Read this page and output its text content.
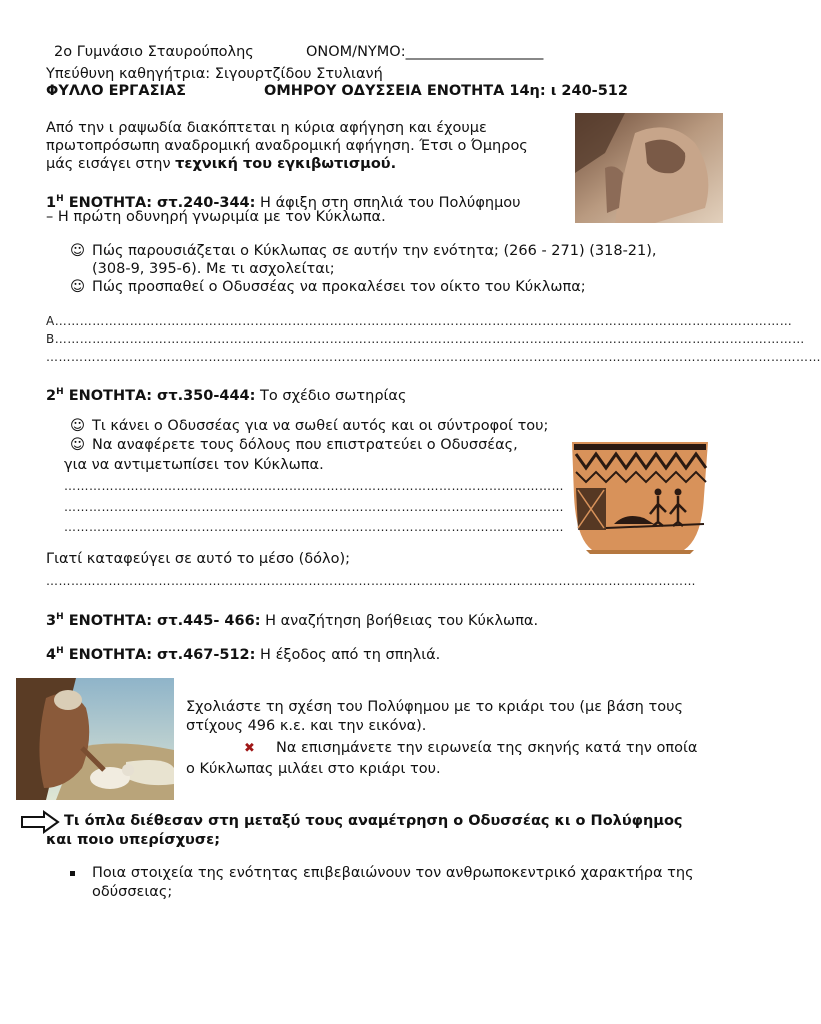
2ο Γυμνάσιο Σταυρούπολης	ΟΝΟΜ/ΝΥΜΟ:___________________
Υπεύθυνη καθηγήτρια: Σιγουρτζίδου Στυλιανή
ΦΥΛΛΟ ΕΡΓΑΣΙΑΣ	ΟΜΗΡΟΥ ΟΔΥΣΣΕΙΑ ΕΝΟΤΗΤΑ 14η: ι 240-512
Από την ι ραψωδία διακόπτεται η κύρια αφήγηση και έχουμε
πρωτοπρόσωπη αναδρομική αναδρομική αφήγηση. Έτσι ο Όμηρος
μάς εισάγει στην τεχνική του εγκιβωτισμού.
$1^H$ ΕΝΟΤΗΤΑ: στ.240-344: Η άφιξη στη σπηλιά του Πολύφημου
– Η πρώτη οδυνηρή γνωριμία με τον Κύκλωπα.
☺ Πώς παρουσιάζεται ο Κύκλωπας σε αυτήν την ενότητα; (266 - 271) (318-21),
(308-9, 395-6). Με τι ασχολείται;
☺ Πώς προσπαθεί ο Οδυσσέας να προκαλέσει τον οίκτο του Κύκλωπα;
Α……………………………………………………………………………………………………………………………………………………………
Β………………………………………………………………………………………………………………………………………………………………
……………………………………………………………………………………………………………………………………………………………………
$2^H$ ΕΝΟΤΗΤΑ: στ.350-444: Το σχέδιο σωτηρίας
☺ Τι κάνει ο Οδυσσέας για να σωθεί αυτός και οι σύντροφοί του;
☺ Να αναφέρετε τους δόλους που επιστρατεύει ο Οδυσσέας,
για να αντιμετωπίσει τον Κύκλωπα.
…………………………………………………………………………………………………………
…………………………………………………………………………………………………………
…………………………………………………………………………………………………………
Γιατί καταφεύγει σε αυτό το μέσο (δόλο);
…………………………………………………………………………………………………………………………………………
$3^H$ ΕΝΟΤΗΤΑ: στ.445- 466: Η αναζήτηση βοήθειας του Κύκλωπα.
$4^H$ ΕΝΟΤΗΤΑ: στ.467-512: Η έξοδος από τη σπηλιά.
Σχολιάστε τη σχέση του Πολύφημου με το κριάρι του (με βάση τους
στίχους 496 κ.ε. και την εικόνα).
✖ Να επισημάνετε την ειρωνεία της σκηνής κατά την οποία
ο Κύκλωπας μιλάει στο κριάρι του.
Τι όπλα διέθεσαν στη μεταξύ τους αναμέτρηση ο Οδυσσέας κι ο Πολύφημος
και ποιο υπερίσχυσε;
Ποια στοιχεία της ενότητας επιβεβαιώνουν τον ανθρωποκεντρικό χαρακτήρα της
οδύσσειας;
